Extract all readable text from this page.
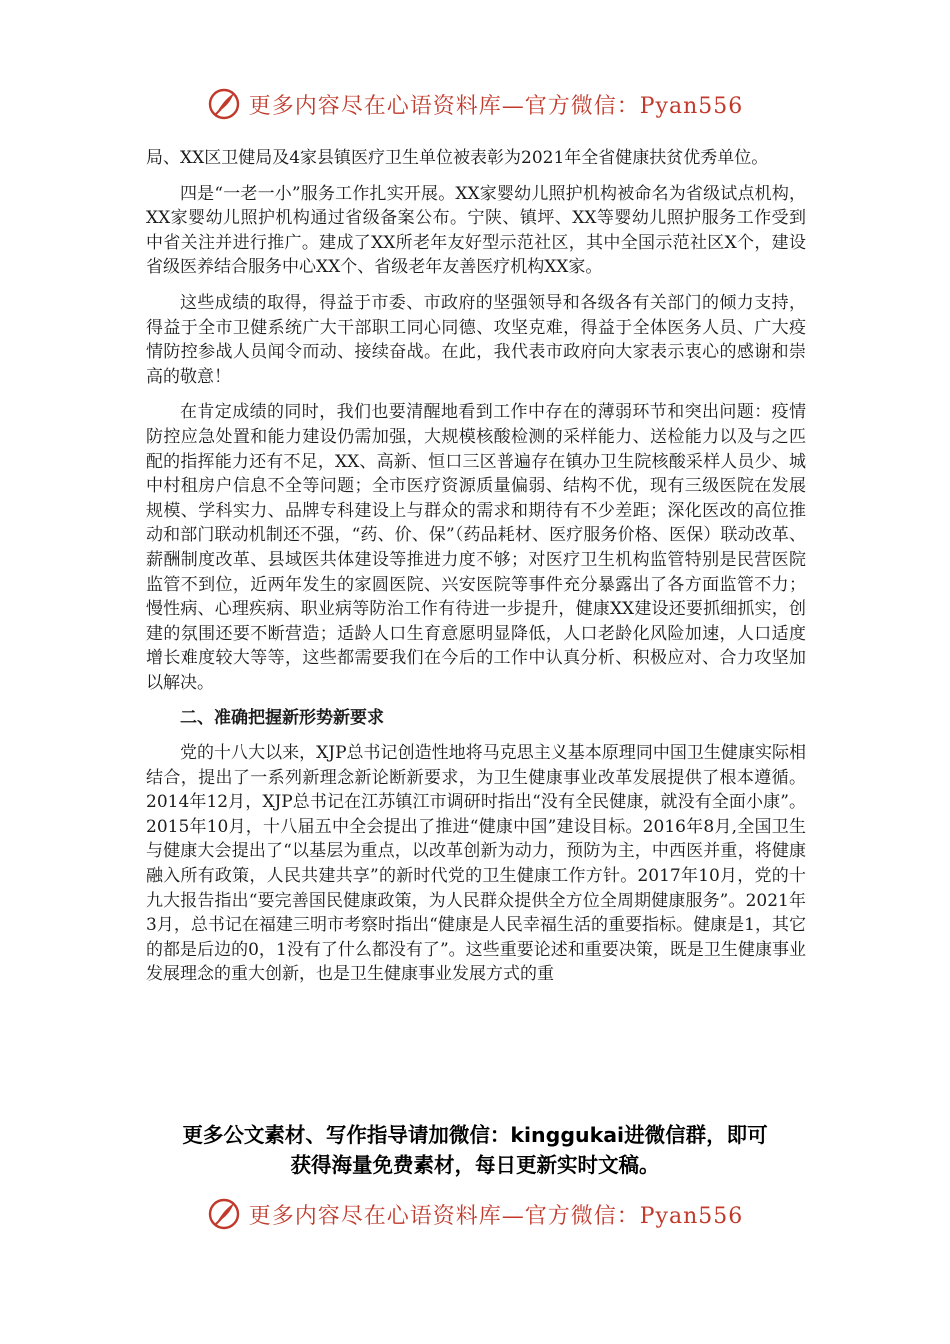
更多内容尽在心语资料库—官方微信：Pyan556

局、XX区卫健局及4家县镇医疗卫生单位被表彰为2021年全省健康扶贫优秀单位。

四是“一老一小”服务工作扎实开展。XX家婴幼儿照护机构被命名为省级试点机构，XX家婴幼儿照护机构通过省级备案公布。宁陕、镇坪、XX等婴幼儿照护服务工作受到中省关注并进行推广。建成了XX所老年友好型示范社区，其中全国示范社区X个，建设省级医养结合服务中心XX个、省级老年友善医疗机构XX家。

这些成绩的取得，得益于市委、市政府的坚强领导和各级各有关部门的倾力支持，得益于全市卫健系统广大干部职工同心同德、攻坚克难，得益于全体医务人员、广大疫情防控参战人员闻令而动、接续奋战。在此，我代表市政府向大家表示衷心的感谢和崇高的敬意！

在肯定成绩的同时，我们也要清醒地看到工作中存在的薄弱环节和突出问题：疫情防控应急处置和能力建设仍需加强，大规模核酸检测的采样能力、送检能力以及与之匹配的指挥能力还有不足，XX、高新、恒口三区普遍存在镇办卫生院核酸采样人员少、城中村租房户信息不全等问题；全市医疗资源质量偏弱、结构不优，现有三级医院在发展规模、学科实力、品牌专科建设上与群众的需求和期待有不少差距；深化医改的高位推动和部门联动机制还不强，“药、价、保”（药品耗材、医疗服务价格、医保）联动改革、薪酬制度改革、县域医共体建设等推进力度不够；对医疗卫生机构监管特别是民营医院监管不到位，近两年发生的家圆医院、兴安医院等事件充分暴露出了各方面监管不力；慢性病、心理疾病、职业病等防治工作有待进一步提升，健康XX建设还要抓细抓实，创建的氛围还要不断营造；适龄人口生育意愿明显降低，人口老龄化风险加速，人口适度增长难度较大等等，这些都需要我们在今后的工作中认真分析、积极应对、合力攻坚加以解决。

二、准确把握新形势新要求

党的十八大以来，XJP总书记创造性地将马克思主义基本原理同中国卫生健康实际相结合，提出了一系列新理念新论断新要求，为卫生健康事业改革发展提供了根本遵循。2014年12月，XJP总书记在江苏镇江市调研时指出“没有全民健康，就没有全面小康”。2015年10月，十八届五中全会提出了推进“健康中国”建设目标。2016年8月,全国卫生与健康大会提出了“以基层为重点，以改革创新为动力，预防为主，中西医并重，将健康融入所有政策，人民共建共享”的新时代党的卫生健康工作方针。2017年10月，党的十九大报告指出“要完善国民健康政策，为人民群众提供全方位全周期健康服务”。2021年3月，总书记在福建三明市考察时指出“健康是人民幸福生活的重要指标。健康是1，其它的都是后边的0，1没有了什么都没有了”。这些重要论述和重要决策，既是卫生健康事业发展理念的重大创新，也是卫生健康事业发展方式的重

更多公文素材、写作指导请加微信：kinggukai进微信群，即可
获得海量免费素材，每日更新实时文稿。
更多内容尽在心语资料库—官方微信：Pyan556
